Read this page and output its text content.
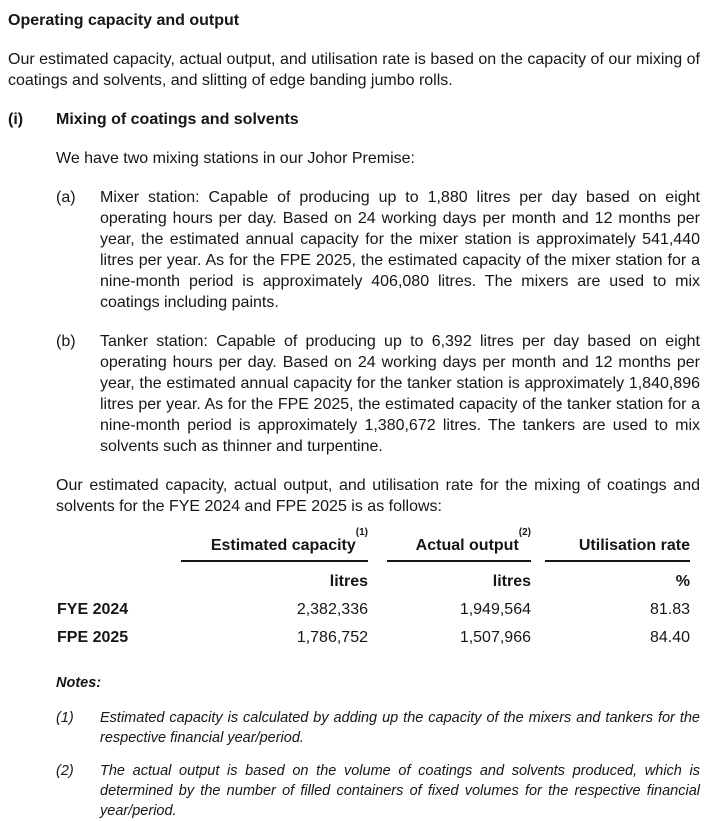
Operating capacity and output

Our estimated capacity, actual output, and utilisation rate is based on the capacity of our mixing of coatings and solvents, and slitting of edge banding jumbo rolls.

(i)	Mixing of coatings and solvents

We have two mixing stations in our Johor Premise:

(a)	Mixer station: Capable of producing up to 1,880 litres per day based on eight operating hours per day. Based on 24 working days per month and 12 months per year, the estimated annual capacity for the mixer station is approximately 541,440 litres per year. As for the FPE 2025, the estimated capacity of the mixer station for a nine-month period is approximately 406,080 litres. The mixers are used to mix coatings including paints.
(b)	Tanker station: Capable of producing up to 6,392 litres per day based on eight operating hours per day. Based on 24 working days per month and 12 months per year, the estimated annual capacity for the tanker station is approximately 1,840,896 litres per year. As for the FPE 2025, the estimated capacity of the tanker station for a nine-month period is approximately 1,380,672 litres. The tankers are used to mix solvents such as thinner and turpentine.

Our estimated capacity, actual output, and utilisation rate for the mixing of coatings and solvents for the FYE 2024 and FPE 2025 is as follows:

	Estimated capacity$^{(1)}$	Actual output$^{(2)}$	Utilisation rate

	litres	litres	%
FYE 2024	2,382,336	1,949,564	81.83
FPE 2025	1,786,752	1,507,966	84.40
Notes:
(1)	Estimated capacity is calculated by adding up the capacity of the mixers and tankers for the respective financial year/period.
(2)	The actual output is based on the volume of coatings and solvents produced, which is determined by the number of filled containers of fixed volumes for the respective financial year/period.
